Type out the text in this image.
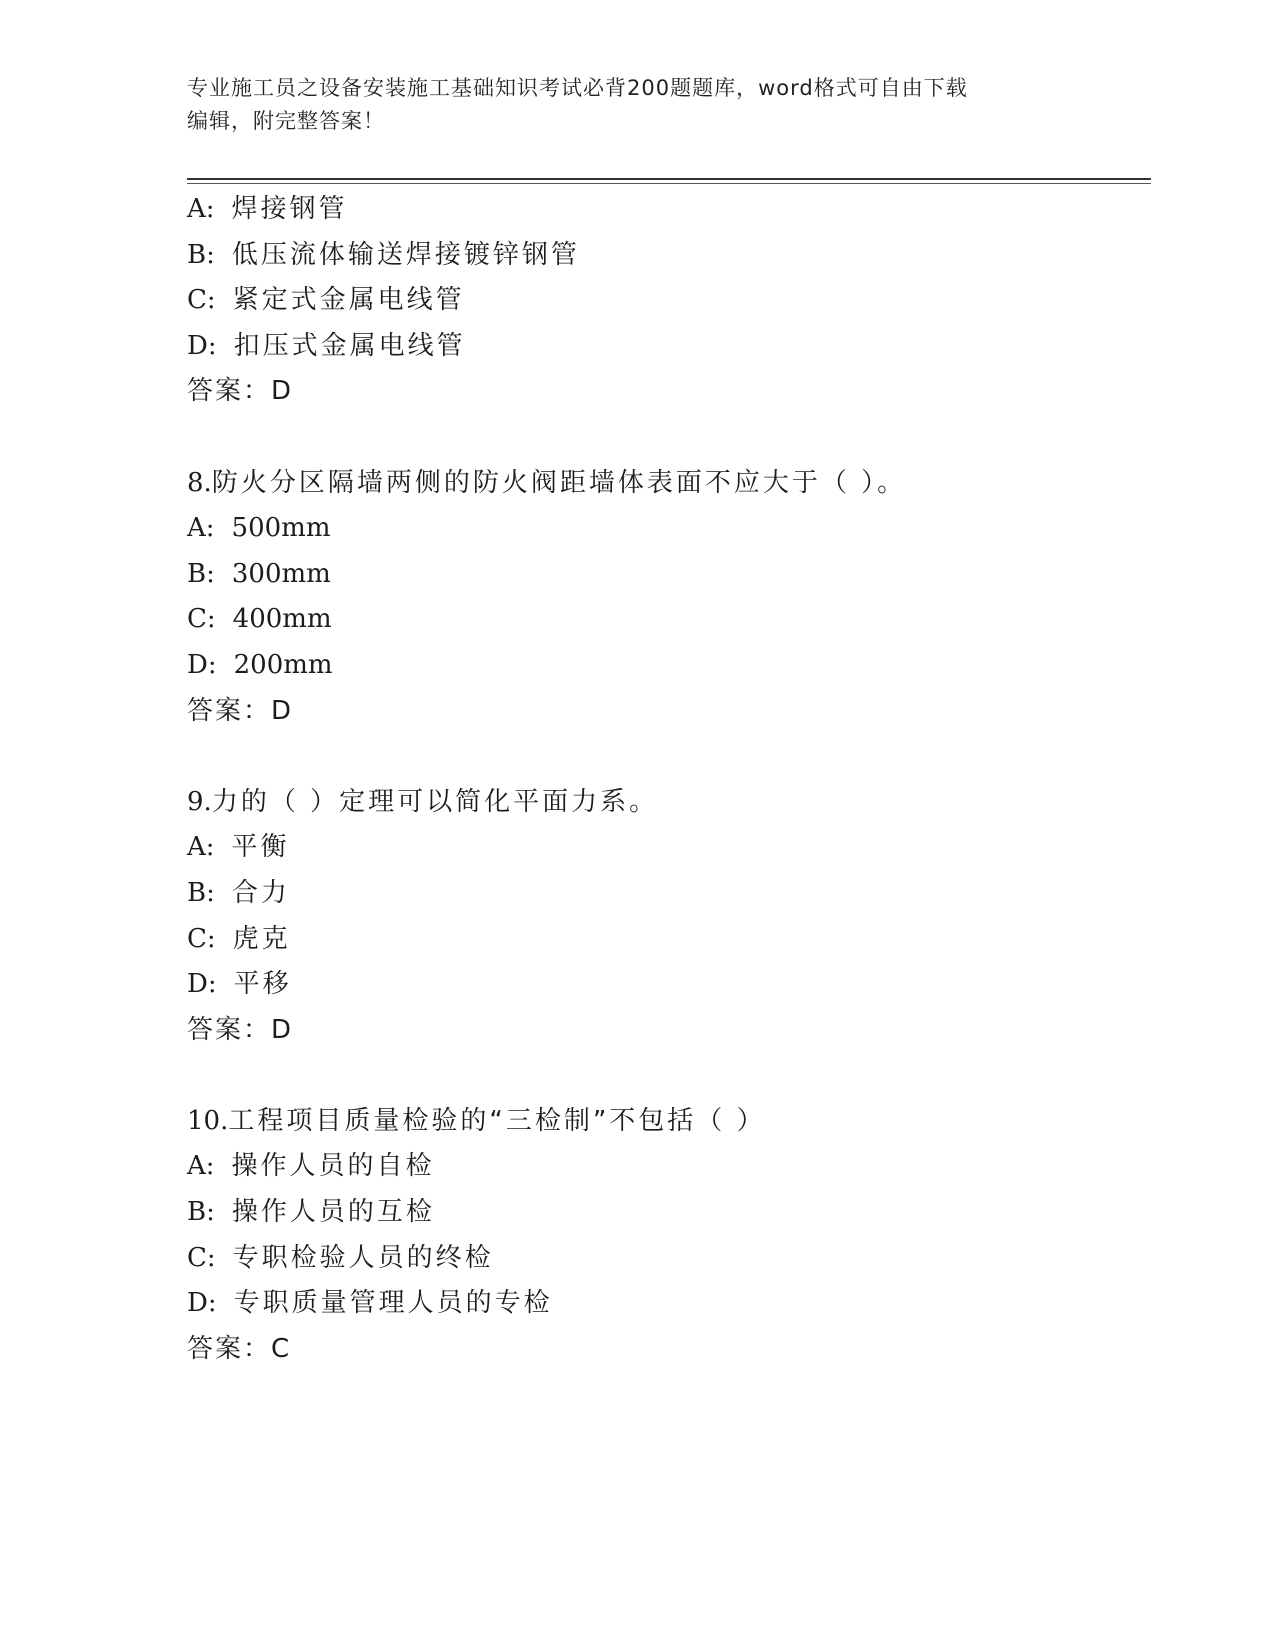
专业施工员之设备安装施工基础知识考试必背200题题库，word格式可自由下载
编辑，附完整答案！
A: 焊接钢管
B: 低压流体输送焊接镀锌钢管
C: 紧定式金属电线管
D: 扣压式金属电线管
答案：D
8.防火分区隔墙两侧的防火阀距墙体表面不应大于（ ）。
A: 500mm
B: 300mm
C: 400mm
D: 200mm
答案：D
9.力的（ ）定理可以简化平面力系。
A: 平衡
B: 合力
C: 虎克
D: 平移
答案：D
10.工程项目质量检验的“三检制”不包括（ ）
A: 操作人员的自检
B: 操作人员的互检
C: 专职检验人员的终检
D: 专职质量管理人员的专检
答案：C
